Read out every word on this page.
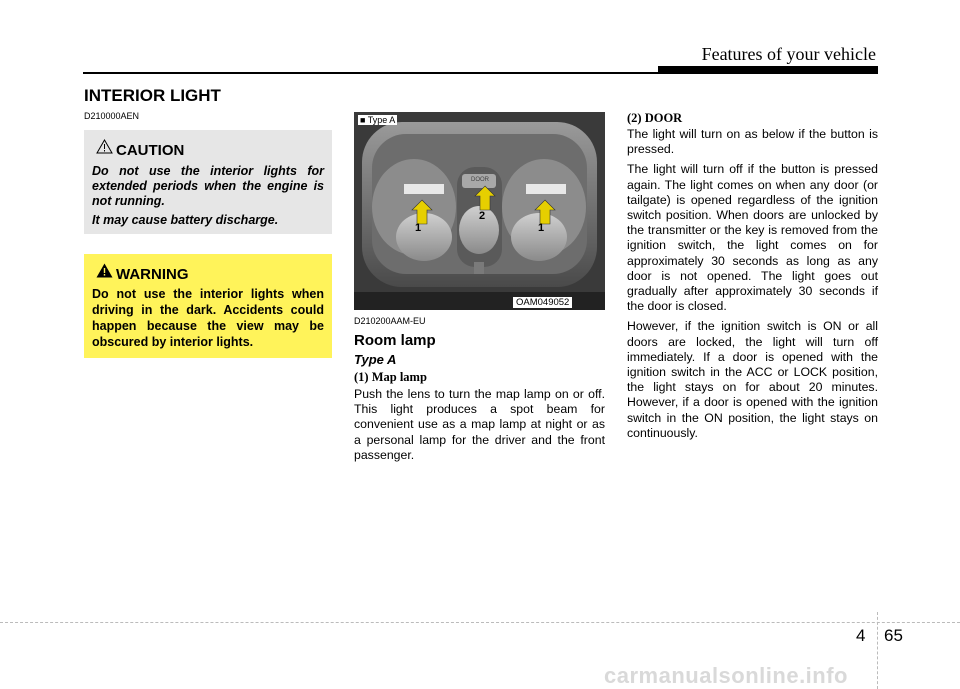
Features of your vehicle
INTERIOR LIGHT
D210000AEN
CAUTION

Do not use the interior lights for extended periods when the engine is not running.

It may cause battery discharge.

WARNING

Do not use the interior lights when driving in the dark. Accidents could happen because the view may be obscured by interior lights.

DOOR
1
2
1
■ Type A
OAM049052
D210200AAM-EU
Room lamp
Type A
(1) Map lamp

Push the lens to turn the map lamp on or off. This light produces a spot beam for convenient use as a map lamp at night or as a personal lamp for the driver and the front passenger.

(2) DOOR

The light will turn on as below if the button is pressed.

The light will turn off if the button is pressed again. The light comes on when any door (or tailgate) is opened regardless of the ignition switch position. When doors are unlocked by the transmitter or the key is removed from the ignition switch, the light comes on for approximately 30 seconds as long as any door is not opened. The light goes out gradually after approximately 30 seconds if the door is closed.

However, if the ignition switch is ON or all doors are locked, the light will turn off immediately. If a door is opened with the ignition switch in the ACC or LOCK position, the light stays on for about 20 minutes. However, if a door is opened with the ignition switch in the ON position, the light stays on continuously.

4 65
carmanualsonline.info
